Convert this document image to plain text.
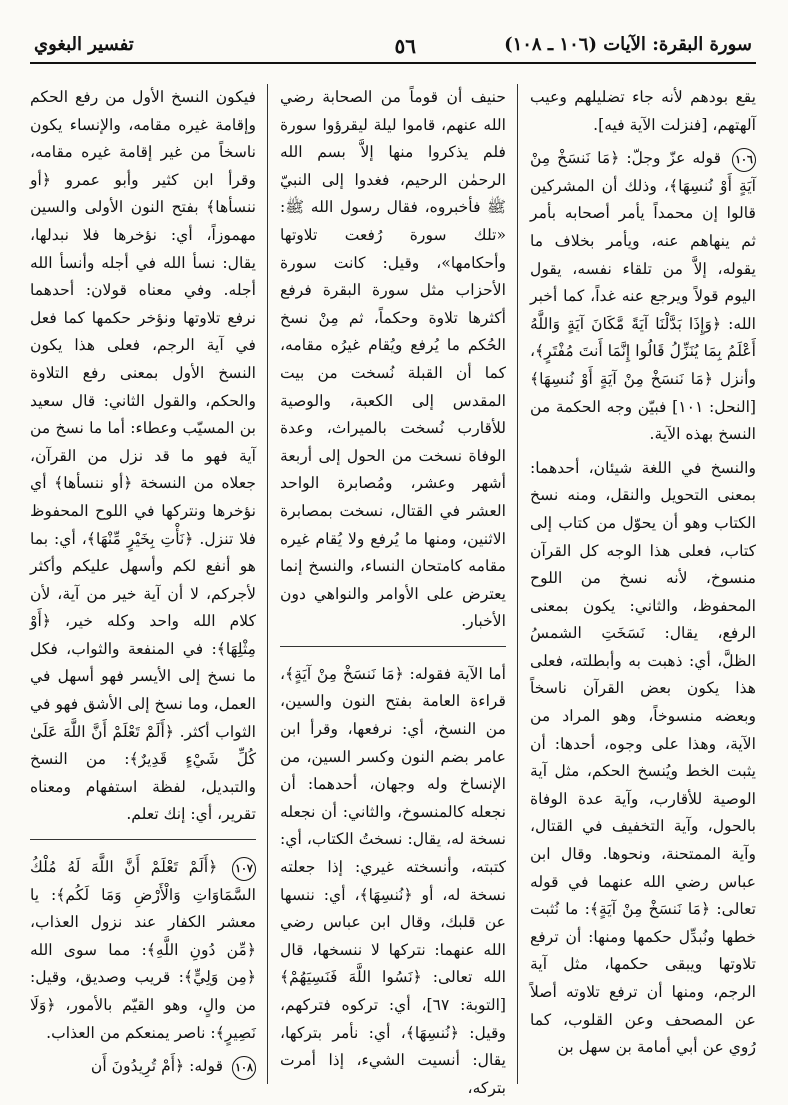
سورة البقرة: الآيات (١٠٦ ـ ١٠٨)
٥٦
تفسير البغوي

يقع بودهم لأنه جاء تضليلهم وعيب آلهتهم، [فنزلت الآية فيه].

١٠٦ قوله عزّ وجلّ: ﴿مَا نَنسَخْ مِنْ آيَةٍ أَوْ نُنسِهَا﴾، وذلك أن المشركين قالوا إن محمداً يأمر أصحابه بأمر ثم ينهاهم عنه، ويأمر بخلاف ما يقوله، إلاَّ من تلقاء نفسه، يقول اليوم قولاً ويرجع عنه غداً، كما أخبر الله: ﴿وَإِذَا بَدَّلْنَا آيَةً مَّكَانَ آيَةٍ وَاللَّهُ أَعْلَمُ بِمَا يُنَزِّلُ قَالُوا إِنَّمَا أَنتَ مُفْتَرٍ﴾، وأنزل ﴿مَا نَنسَخْ مِنْ آيَةٍ أَوْ نُنسِهَا﴾ [النحل: ١٠١] فبيّن وجه الحكمة من النسخ بهذه الآية.

والنسخ في اللغة شيئان، أحدهما: بمعنى التحويل والنقل، ومنه نسخ الكتاب وهو أن يحوّل من كتاب إلى كتاب، فعلى هذا الوجه كل القرآن منسوخ، لأنه نسخ من اللوح المحفوظ، والثاني: يكون بمعنى الرفع، يقال: نَسَخَتِ الشمسُ الظلَّ، أي: ذهبت به وأبطلته، فعلى هذا يكون بعض القرآن ناسخاً وبعضه منسوخاً، وهو المراد من الآية، وهذا على وجوه، أحدها: أن يثبت الخط ويُنسخ الحكم، مثل آية الوصية للأقارب، وآية عدة الوفاة بالحول، وآية التخفيف في القتال، وآية الممتحنة، ونحوها. وقال ابن عباس رضي الله عنهما في قوله تعالى: ﴿مَا نَنسَخْ مِنْ آيَةٍ﴾: ما نُثبت خطها ونُبدِّل حكمها ومنها: أن ترفع تلاوتها ويبقى حكمها، مثل آية الرجم، ومنها أن ترفع تلاوته أصلاً عن المصحف وعن القلوب، كما رُوي عن أبي أمامة بن سهل بن

حنيف أن قوماً من الصحابة رضي الله عنهم، قاموا ليلة ليقرؤوا سورة فلم يذكروا منها إلاَّ بسم الله الرحمٰن الرحيم، فغدوا إلى النبيّ ﷺ فأخبروه، فقال رسول الله ﷺ: «تلك سورة رُفعت تلاوتها وأحكامها»، وقيل: كانت سورة الأحزاب مثل سورة البقرة فرفع أكثرها تلاوة وحكماً، ثم مِنْ نسخ الحُكم ما يُرفع ويُقام غيرُه مقامه، كما أن القبلة نُسخت من بيت المقدس إلى الكعبة، والوصية للأقارب نُسخت بالميراث، وعدة الوفاة نسخت من الحول إلى أربعة أشهر وعشر، ومُصابرة الواحد العشر في القتال، نسخت بمصابرة الاثنين، ومنها ما يُرفع ولا يُقام غيره مقامه كامتحان النساء، والنسخ إنما يعترض على الأوامر والنواهي دون الأخبار.

أما الآية فقوله: ﴿مَا نَنسَخْ مِنْ آيَةٍ﴾، قراءة العامة بفتح النون والسين، من النسخ، أي: نرفعها، وقرأ ابن عامر بضم النون وكسر السين، من الإنساخ وله وجهان، أحدهما: أن نجعله كالمنسوخ، والثاني: أن نجعله نسخة له، يقال: نسختُ الكتاب، أي: كتبته، وأنسخته غيري: إذا جعلته نسخة له، أو ﴿نُنسِهَا﴾، أي: ننسها عن قلبك، وقال ابن عباس رضي الله عنهما: نتركها لا ننسخها، قال الله تعالى: ﴿نَسُوا اللَّهَ فَنَسِيَهُمْ﴾ [التوبة: ٦٧]، أي: تركوه فتركهم، وقيل: ﴿نُنسِهَا﴾، أي: نأمر بتركها، يقال: أنسيت الشيء، إذا أمرت بتركه،

فيكون النسخ الأول من رفع الحكم وإقامة غيره مقامه، والإنساء يكون ناسخاً من غير إقامة غيره مقامه، وقرأ ابن كثير وأبو عمرو ﴿أو ننسأها﴾ بفتح النون الأولى والسين مهموزاً، أي: نؤخرها فلا نبدلها، يقال: نسأ الله في أجله وأنسأ الله أجله. وفي معناه قولان: أحدهما نرفع تلاوتها ونؤخر حكمها كما فعل في آية الرجم، فعلى هذا يكون النسخ الأول بمعنى رفع التلاوة والحكم، والقول الثاني: قال سعيد بن المسيّب وعطاء: أما ما نسخ من آية فهو ما قد نزل من القرآن، جعلاه من النسخة ﴿أو ننسأها﴾ أي نؤخرها ونتركها في اللوح المحفوظ فلا تنزل. ﴿نَأْتِ بِخَيْرٍ مِّنْهَا﴾، أي: بما هو أنفع لكم وأسهل عليكم وأكثر لأجركم، لا أن آية خير من آية، لأن كلام الله واحد وكله خير، ﴿أَوْ مِثْلِهَا﴾: في المنفعة والثواب، فكل ما نسخ إلى الأيسر فهو أسهل في العمل، وما نسخ إلى الأشق فهو في الثواب أكثر. ﴿أَلَمْ تَعْلَمْ أَنَّ اللَّهَ عَلَىٰ كُلِّ شَيْءٍ قَدِيرٌ﴾: من النسخ والتبديل، لفظة استفهام ومعناه تقرير، أي: إنك تعلم.

١٠٧ ﴿أَلَمْ تَعْلَمْ أَنَّ اللَّهَ لَهُ مُلْكُ السَّمَاوَاتِ وَالْأَرْضِ وَمَا لَكُم﴾: يا معشر الكفار عند نزول العذاب، ﴿مِّن دُونِ اللَّهِ﴾: مما سوى الله ﴿مِن وَلِيٍّ﴾: قريب وصديق، وقيل: من والٍ، وهو القيّم بالأمور، ﴿وَلَا نَصِيرٍ﴾: ناصر يمنعكم من العذاب.

١٠٨ قوله: ﴿أَمْ تُرِيدُونَ أَن
